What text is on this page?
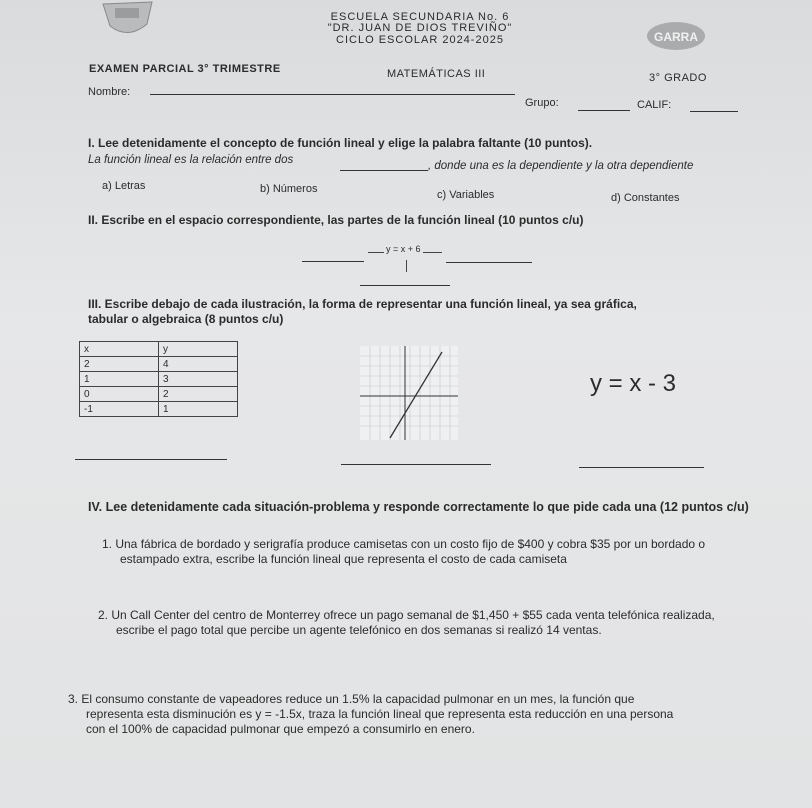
GARRA
ESCUELA SECUNDARIA No. 6
"DR. JUAN DE DIOS TREVIÑO"
CICLO ESCOLAR 2024-2025
EXAMEN PARCIAL 3° TRIMESTRE	MATEMÁTICAS III	3° GRADO
Nombre:
Grupo:	CALIF:
I. Lee detenidamente el concepto de función lineal y elige la palabra faltante (10 puntos).
La función lineal es la relación entre dos	, donde una es la dependiente y la otra dependiente
a) Letras	b) Números	c) Variables	d) Constantes
II. Escribe en el espacio correspondiente, las partes de la función lineal (10 puntos c/u)
y = x + 6
III. Escribe debajo de cada ilustración, la forma de representar una función lineal, ya sea gráfica,
tabular o algebraica (8 puntos c/u)
x	y
2	4
1	3
0	2
-1	1
y = x - 3
IV. Lee detenidamente cada situación-problema y responde correctamente lo que pide cada una (12 puntos c/u)
1. Una fábrica de bordado y serigrafía produce camisetas con un costo fijo de $400 y cobra $35 por un bordado o
estampado extra, escribe la función lineal que representa el costo de cada camiseta
2. Un Call Center del centro de Monterrey ofrece un pago semanal de $1,450 + $55 cada venta telefónica realizada,
escribe el pago total que percibe un agente telefónico en dos semanas si realizó 14 ventas.
3. El consumo constante de vapeadores reduce un 1.5% la capacidad pulmonar en un mes, la función que
representa esta disminución es y = -1.5x, traza la función lineal que representa esta reducción en una persona
con el 100% de capacidad pulmonar que empezó a consumirlo en enero.
